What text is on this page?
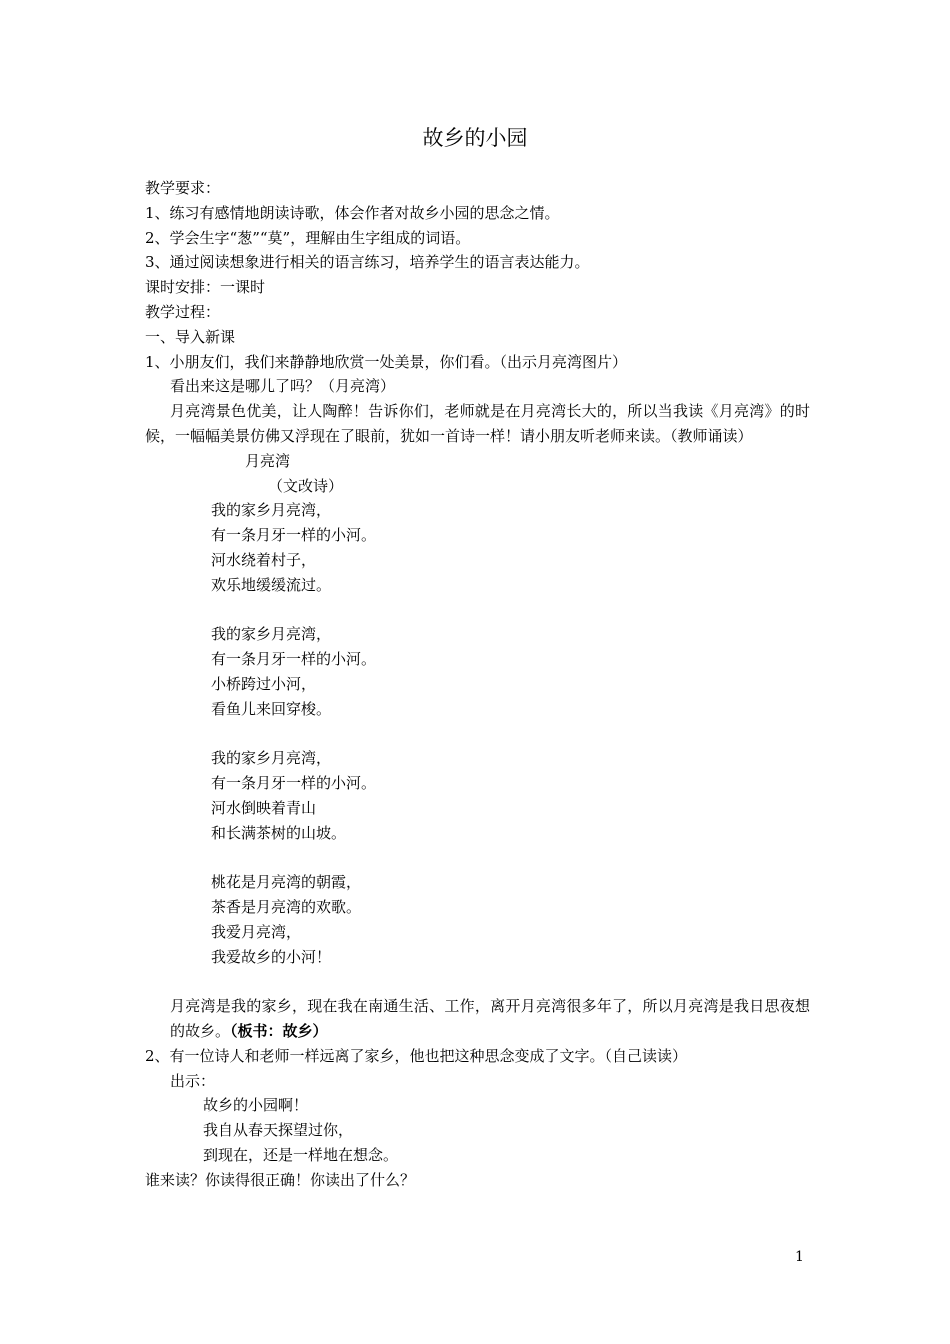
故乡的小园
教学要求：
1、练习有感情地朗读诗歌，体会作者对故乡小园的思念之情。
2、学会生字“葱”“莫”，理解由生字组成的词语。
3、通过阅读想象进行相关的语言练习，培养学生的语言表达能力。
课时安排：一课时
教学过程：
一、导入新课
1、小朋友们，我们来静静地欣赏一处美景，你们看。（出示月亮湾图片）
看出来这是哪儿了吗？（月亮湾）
月亮湾景色优美，让人陶醉！告诉你们，老师就是在月亮湾长大的，所以当我读《月亮湾》的时候，一幅幅美景仿佛又浮现在了眼前，犹如一首诗一样！请小朋友听老师来读。（教师诵读）
月亮湾
（文改诗）
我的家乡月亮湾，
有一条月牙一样的小河。
河水绕着村子，
欢乐地缓缓流过。
我的家乡月亮湾，
有一条月牙一样的小河。
小桥跨过小河，
看鱼儿来回穿梭。
我的家乡月亮湾，
有一条月牙一样的小河。
河水倒映着青山
和长满茶树的山坡。
桃花是月亮湾的朝霞，
茶香是月亮湾的欢歌。
我爱月亮湾，
我爱故乡的小河！
月亮湾是我的家乡，现在我在南通生活、工作，离开月亮湾很多年了，所以月亮湾是我日思夜想的故乡。（板书：故乡）
2、有一位诗人和老师一样远离了家乡，他也把这种思念变成了文字。（自己读读）
出示：
故乡的小园啊！
我自从春天探望过你，
到现在，还是一样地在想念。
谁来读？你读得很正确！你读出了什么？
1
